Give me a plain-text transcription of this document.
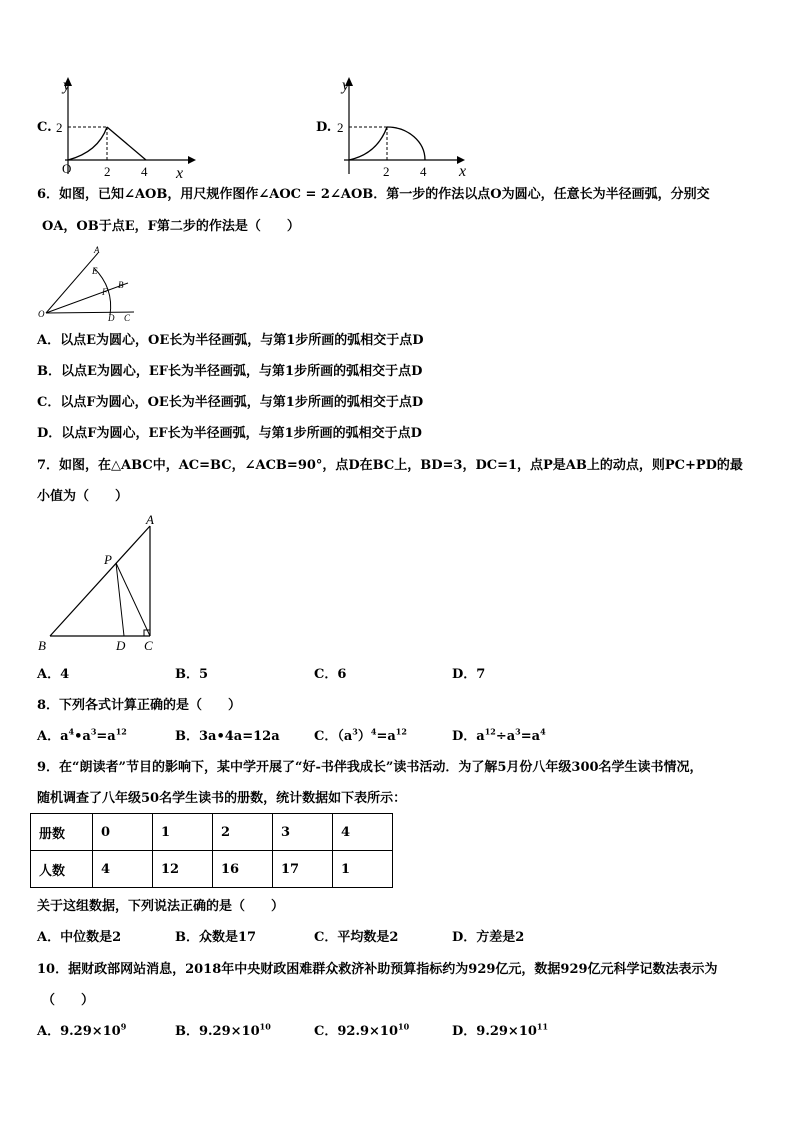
C.
y
x
O
2
2 4
D.
y
x
2
2 4
6．如图，已知∠AOB，用尺规作图作∠AOC = 2∠AOB．第一步的作法以点O为圆心，任意长为半径画弧，分别交
OA，OB于点E，F第二步的作法是（　　）
A
E
B
F
O	D C
A．以点E为圆心，OE长为半径画弧，与第1步所画的弧相交于点D
B．以点E为圆心，EF长为半径画弧，与第1步所画的弧相交于点D
C．以点F为圆心，OE长为半径画弧，与第1步所画的弧相交于点D
D．以点F为圆心，EF长为半径画弧，与第1步所画的弧相交于点D
7．如图，在△ABC中，AC=BC，∠ACB=90°，点D在BC上，BD=3，DC=1，点P是AB上的动点，则PC+PD的最
小值为（　　）
A
P
B	D C
A．4	B．5	C．6	D．7
8．下列各式计算正确的是（　　）
A．$a^4•a^3=a^{12}$	B．3a•4a=12a	C．$(a^3)^4=a^{12}$	D．$a^{12}\div a^3=a^4$
9．在“朗读者”节目的影响下，某中学开展了“好-书伴我成长”读书活动．为了解5月份八年级300名学生读书情况，
随机调查了八年级50名学生读书的册数，统计数据如下表所示：
册数	0	1	2	3	4
人数	4	12	16	17	1
关于这组数据，下列说法正确的是（　　）
A．中位数是2	B．众数是17	C．平均数是2	D．方差是2
10．据财政部网站消息，2018年中央财政困难群众救济补助预算指标约为929亿元，数据929亿元科学记数法表示为
（　　）
A．$9.29\times 10^9$	B．$9.29\times 10^{10}$	C．$92.9\times 10^{10}$	D．$9.29\times 10^{11}$
